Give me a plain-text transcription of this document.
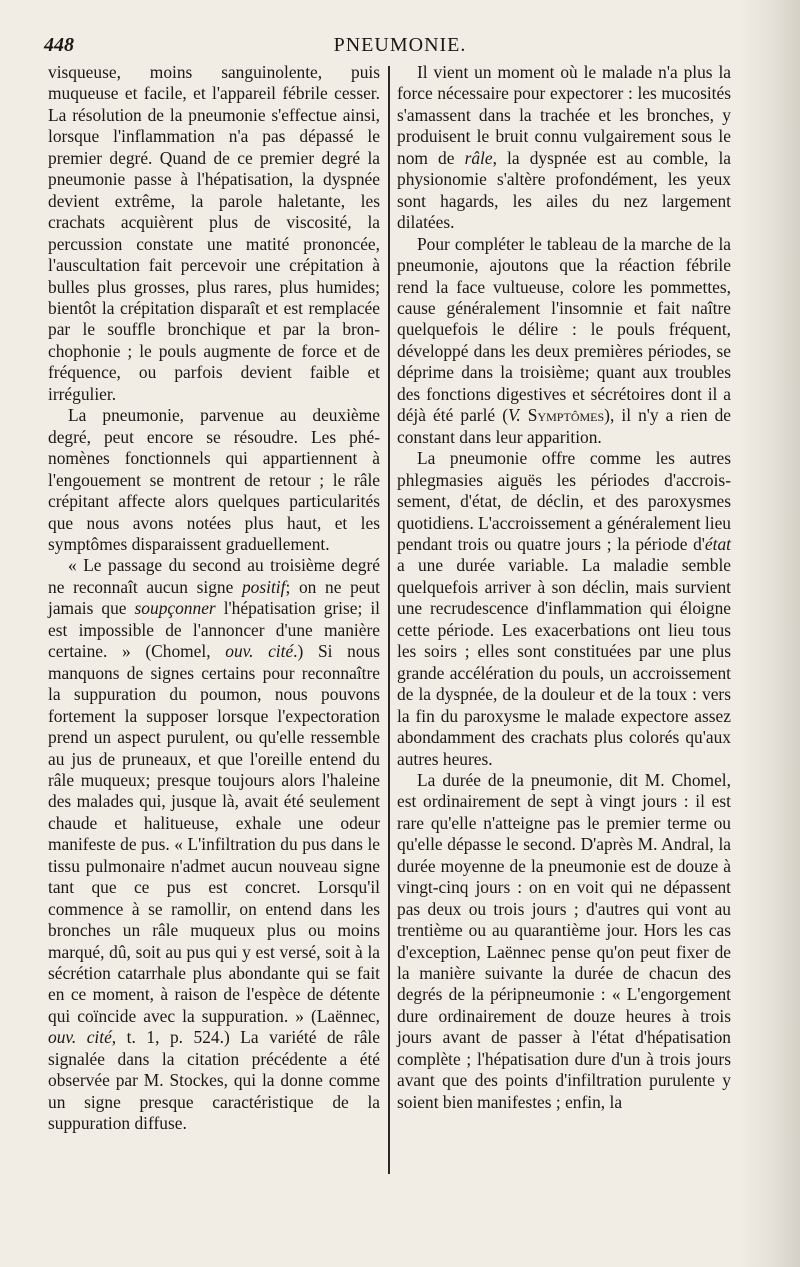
448	PNEUMONIE.

visqueuse, moins sanguinolente, puis muqueuse et facile, et l'appareil fébrile cesser. La résolution de la pneumonie s'effectue ainsi, lorsque l'inflammation n'a pas dépassé le premier degré. Quand de ce premier degré la pneumonie passe à l'hépatisation, la dyspnée devient extrême, la parole haletante, les crachats acquièrent plus de viscosité, la percussion constate une matité prononcée, l'auscultation fait percevoir une crépitation à bulles plus grosses, plus rares, plus humides; bientôt la crépitation disparaît et est remplacée par le souffle bronchique et par la bronchophonie ; le pouls augmente de force et de fréquence, ou parfois devient faible et irrégulier.

La pneumonie, parvenue au deuxième degré, peut encore se résoudre. Les phénomènes fonctionnels qui appartiennent à l'engouement se montrent de retour ; le râle crépitant affecte alors quelques particularités que nous avons notées plus haut, et les symptômes disparaissent graduellement.

« Le passage du second au troisième degré ne reconnaît aucun signe positif; on ne peut jamais que soupçonner l'hépatisation grise; il est impossible de l'annoncer d'une manière certaine. » (Chomel, ouv. cité.) Si nous manquons de signes certains pour reconnaître la suppuration du poumon, nous pouvons fortement la supposer lorsque l'expectoration prend un aspect purulent, ou qu'elle ressemble au jus de pruneaux, et que l'oreille entend du râle muqueux; presque toujours alors l'haleine des malades qui, jusque là, avait été seulement chaude et halitueuse, exhale une odeur manifeste de pus. « L'infiltration du pus dans le tissu pulmonaire n'admet aucun nouveau signe tant que ce pus est concret. Lorsqu'il commence à se ramollir, on entend dans les bronches un râle muqueux plus ou moins marqué, dû, soit au pus qui y est versé, soit à la sécrétion catarrhale plus abondante qui se fait en ce moment, à raison de l'espèce de détente qui coïncide avec la suppuration. » (Laënnec, ouv. cité, t. 1, p. 524.) La variété de râle signalée dans la citation précédente a été observée par M. Stockes, qui la donne comme un signe presque caractéristique de la suppuration diffuse.

Il vient un moment où le malade n'a plus la force nécessaire pour expectorer : les mucosités s'amassent dans la trachée et les bronches, y produisent le bruit connu vulgairement sous le nom de râle, la dyspnée est au comble, la physionomie s'altère profondément, les yeux sont hagards, les ailes du nez largement dilatées.

Pour compléter le tableau de la marche de la pneumonie, ajoutons que la réaction fébrile rend la face vultueuse, colore les pommettes, cause généralement l'insomnie et fait naître quelquefois le délire : le pouls fréquent, développé dans les deux premières périodes, se déprime dans la troisième; quant aux troubles des fonctions digestives et sécrétoires dont il a déjà été parlé (V. Symptômes), il n'y a rien de constant dans leur apparition.

La pneumonie offre comme les autres phlegmasies aiguës les périodes d'accroissement, d'état, de déclin, et des paroxysmes quotidiens. L'accroissement a généralement lieu pendant trois ou quatre jours ; la période d'état a une durée variable. La maladie semble quelquefois arriver à son déclin, mais survient une recrudescence d'inflammation qui éloigne cette période. Les exacerbations ont lieu tous les soirs ; elles sont constituées par une plus grande accélération du pouls, un accroissement de la dyspnée, de la douleur et de la toux : vers la fin du paroxysme le malade expectore assez abondamment des crachats plus colorés qu'aux autres heures.

La durée de la pneumonie, dit M. Chomel, est ordinairement de sept à vingt jours : il est rare qu'elle n'atteigne pas le premier terme ou qu'elle dépasse le second. D'après M. Andral, la durée moyenne de la pneumonie est de douze à vingt-cinq jours : on en voit qui ne dépassent pas deux ou trois jours ; d'autres qui vont au trentième ou au quarantième jour. Hors les cas d'exception, Laënnec pense qu'on peut fixer de la manière suivante la durée de chacun des degrés de la péripneumonie : « L'engorgement dure ordinairement de douze heures à trois jours avant de passer à l'état d'hépatisation complète ; l'hépatisation dure d'un à trois jours avant que des points d'infiltration purulente y soient bien manifestes ; enfin, la
